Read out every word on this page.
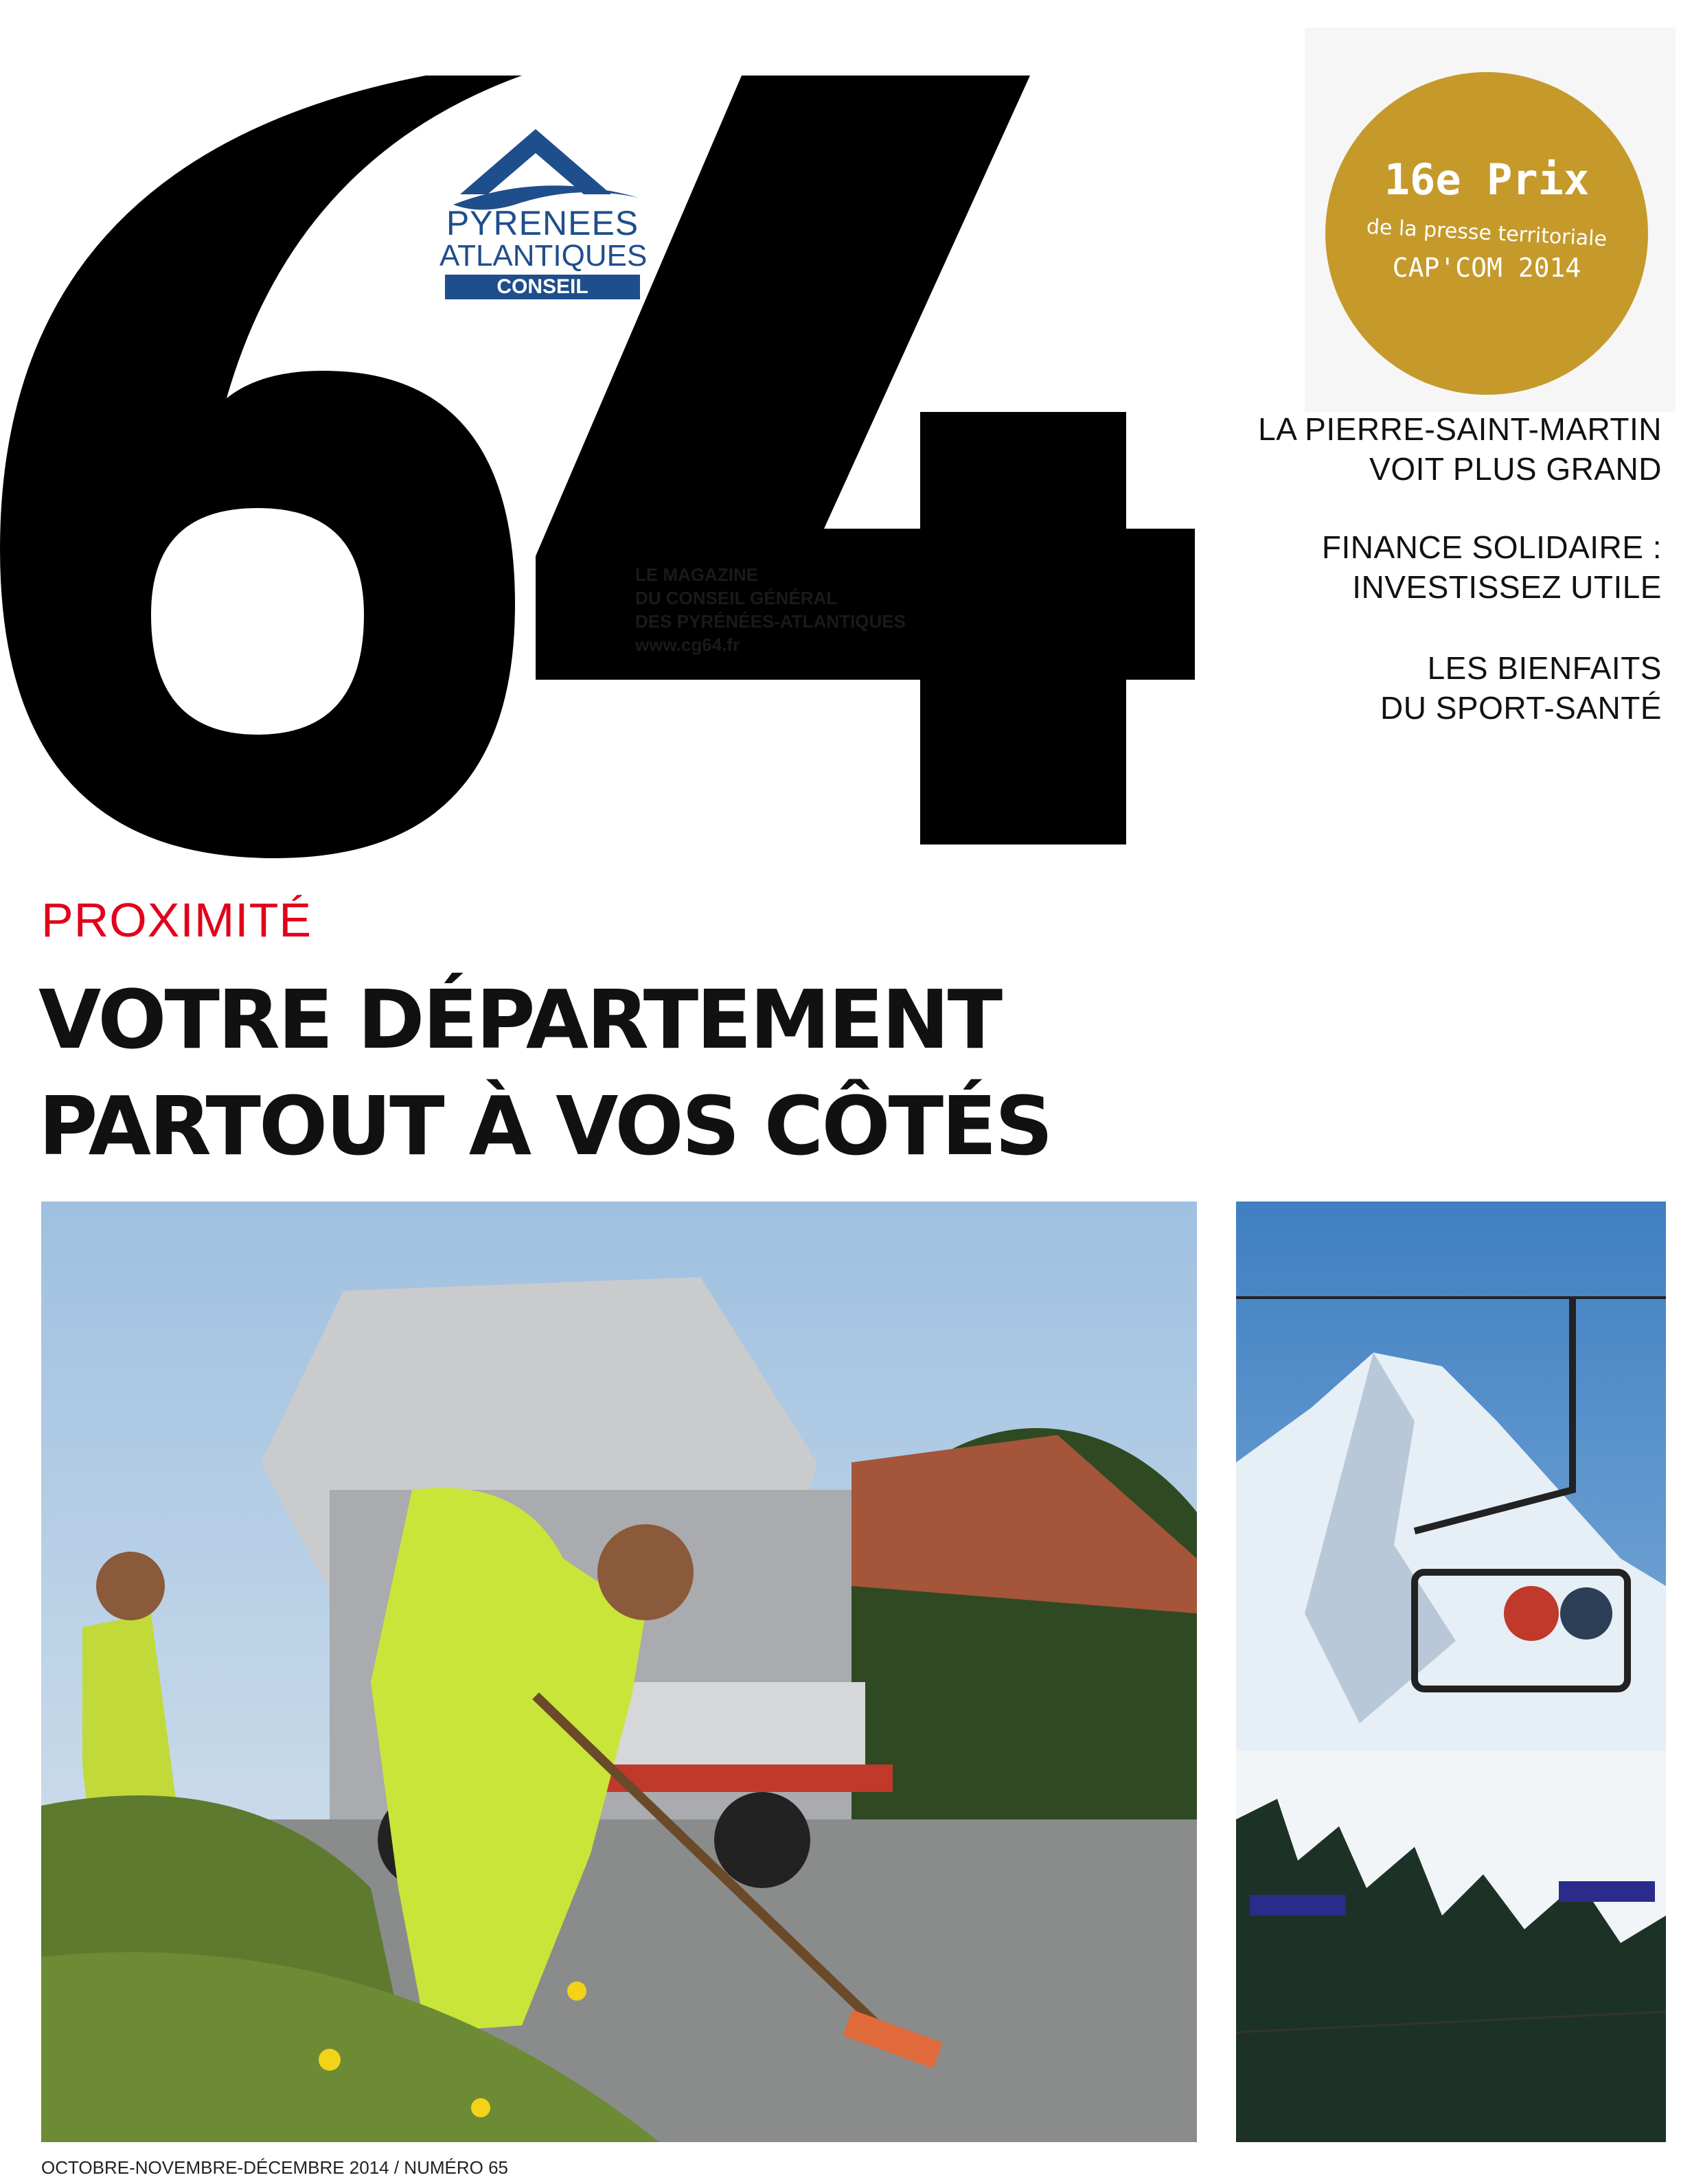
PYRENEES
ATLANTIQUES
CONSEIL GENERAL
LE MAGAZINE
DU CONSEIL GÉNÉRAL
DES PYRÉNÉES-ATLANTIQUES
www.cg64.fr
16e Prix
de la presse territoriale
CAP'COM 2014
LA PIERRE-SAINT-MARTIN
VOIT PLUS GRAND
FINANCE SOLIDAIRE :
INVESTISSEZ UTILE
LES BIENFAITS
DU SPORT-SANTÉ
PROXIMITÉ
VOTRE DÉPARTEMENT
PARTOUT À VOS CÔTÉS
OCTOBRE-NOVEMBRE-DÉCEMBRE 2014 / NUMÉRO 65
